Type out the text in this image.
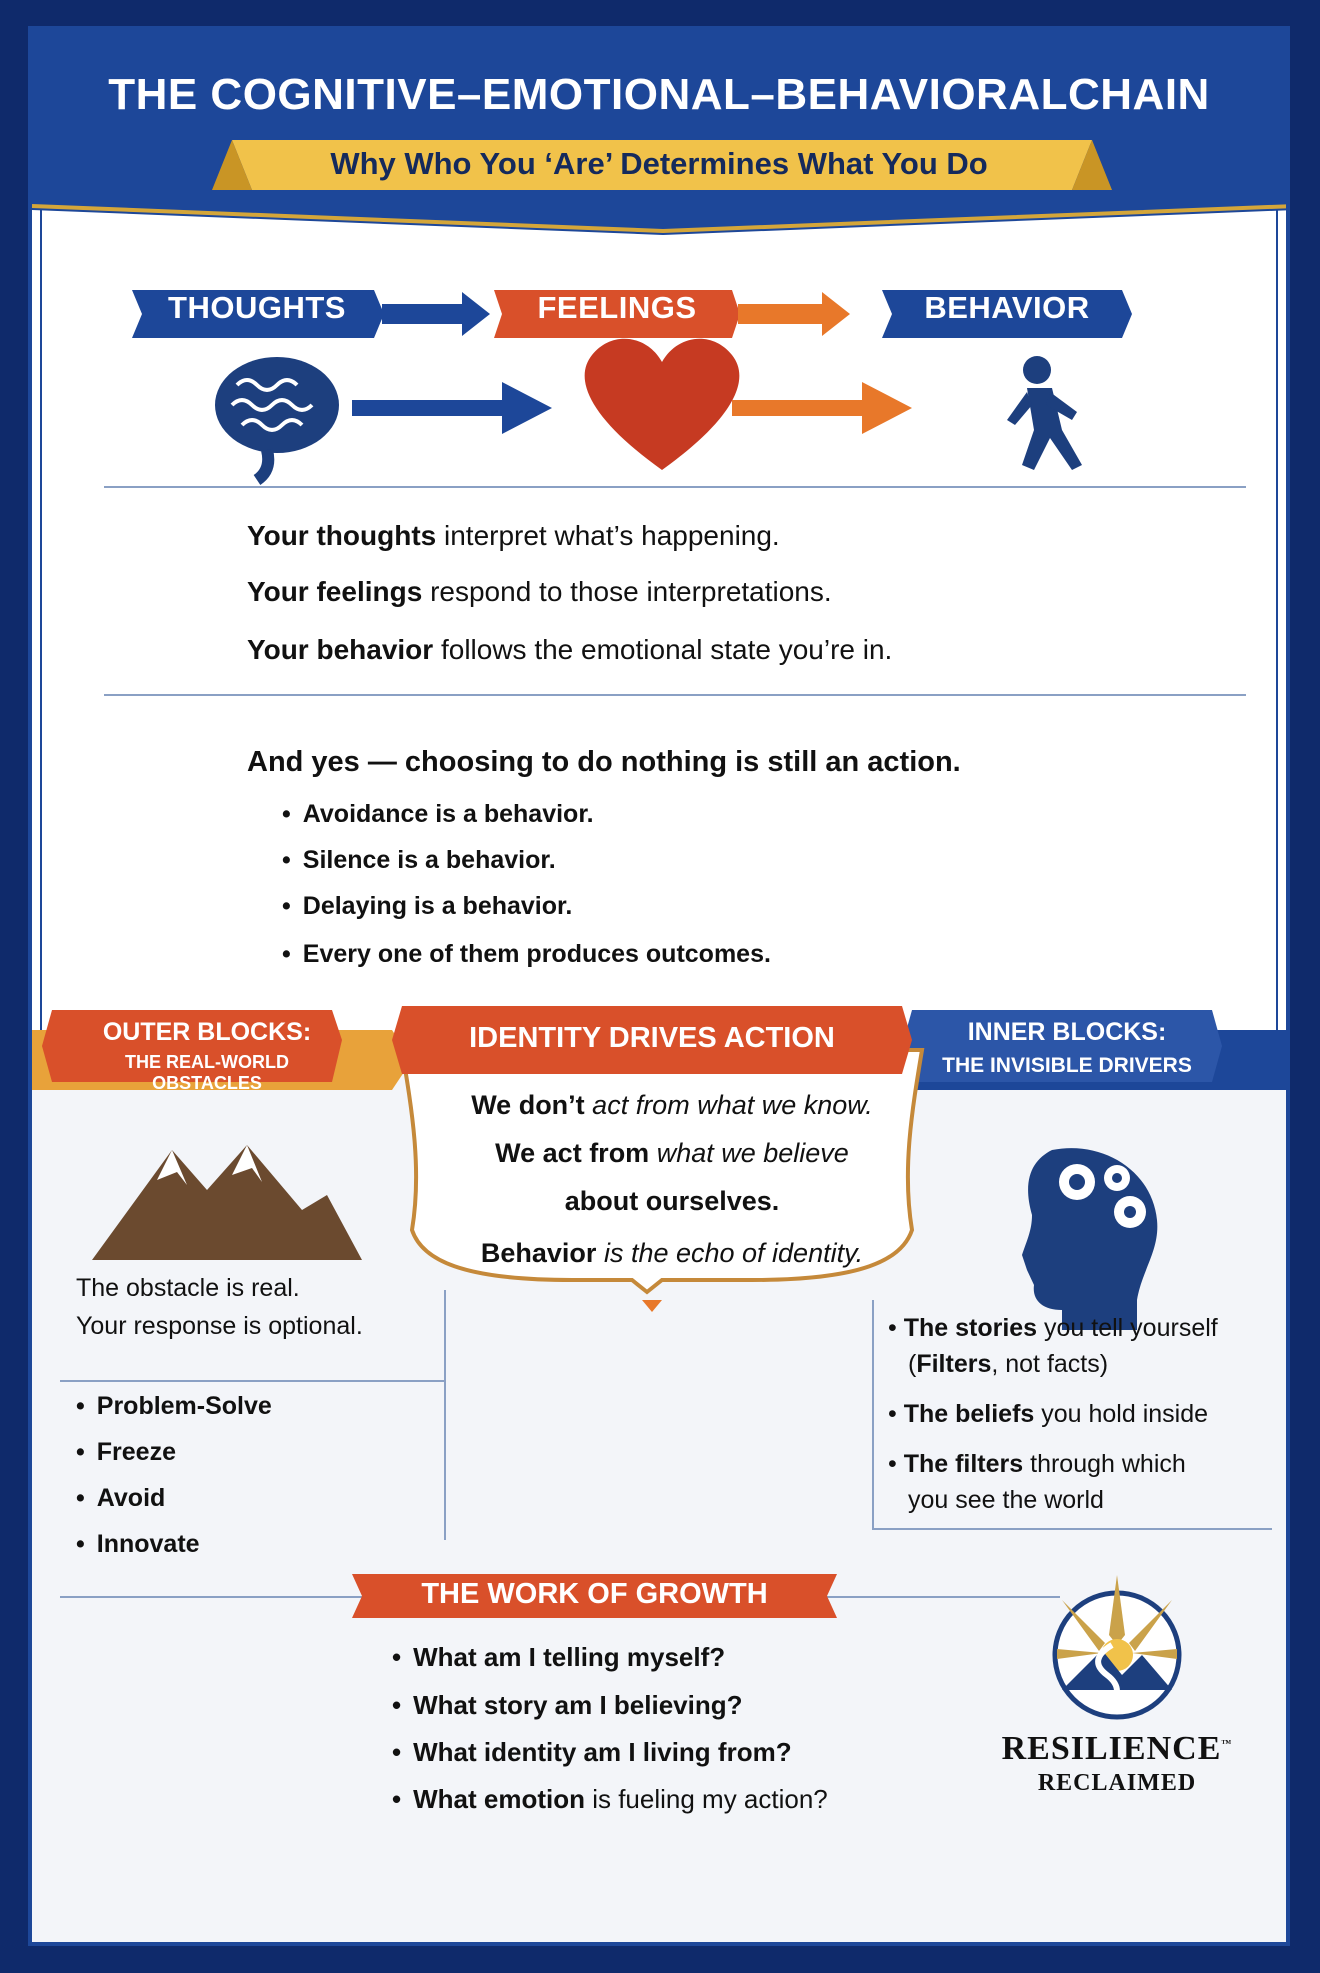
THE COGNITIVE–EMOTIONAL–BEHAVIORALCHAIN
Why Who You ‘Are’ Determines What You Do
THOUGHTS	FEELINGS	BEHAVIOR
Your thoughts interpret what’s happening.
Your feelings respond to those interpretations.
Your behavior follows the emotional state you’re in.
And yes — choosing to do nothing is still an action.
• Avoidance is a behavior.
• Silence is a behavior.
• Delaying is a behavior.
• Every one of them produces outcomes.
OUTER BLOCKS:
THE REAL-WORLD OBSTACLES
IDENTITY DRIVES ACTION	INNER BLOCKS:
THE INVISIBLE DRIVERS
We don’t act from what we know.
We act from what we believe
about ourselves.
Behavior is the echo of identity.
The obstacle is real.
Your response is optional.
• Problem-Solve
• Freeze
• Avoid
• Innovate
• The stories you tell yourself
(Filters, not facts)
• The beliefs you hold inside
• The filters through which
you see the world
THE WORK OF GROWTH
• What am I telling myself?
• What story am I believing?
• What identity am I living from?
• What emotion is fueling my action?
RESILIENCE™
RECLAIMED
